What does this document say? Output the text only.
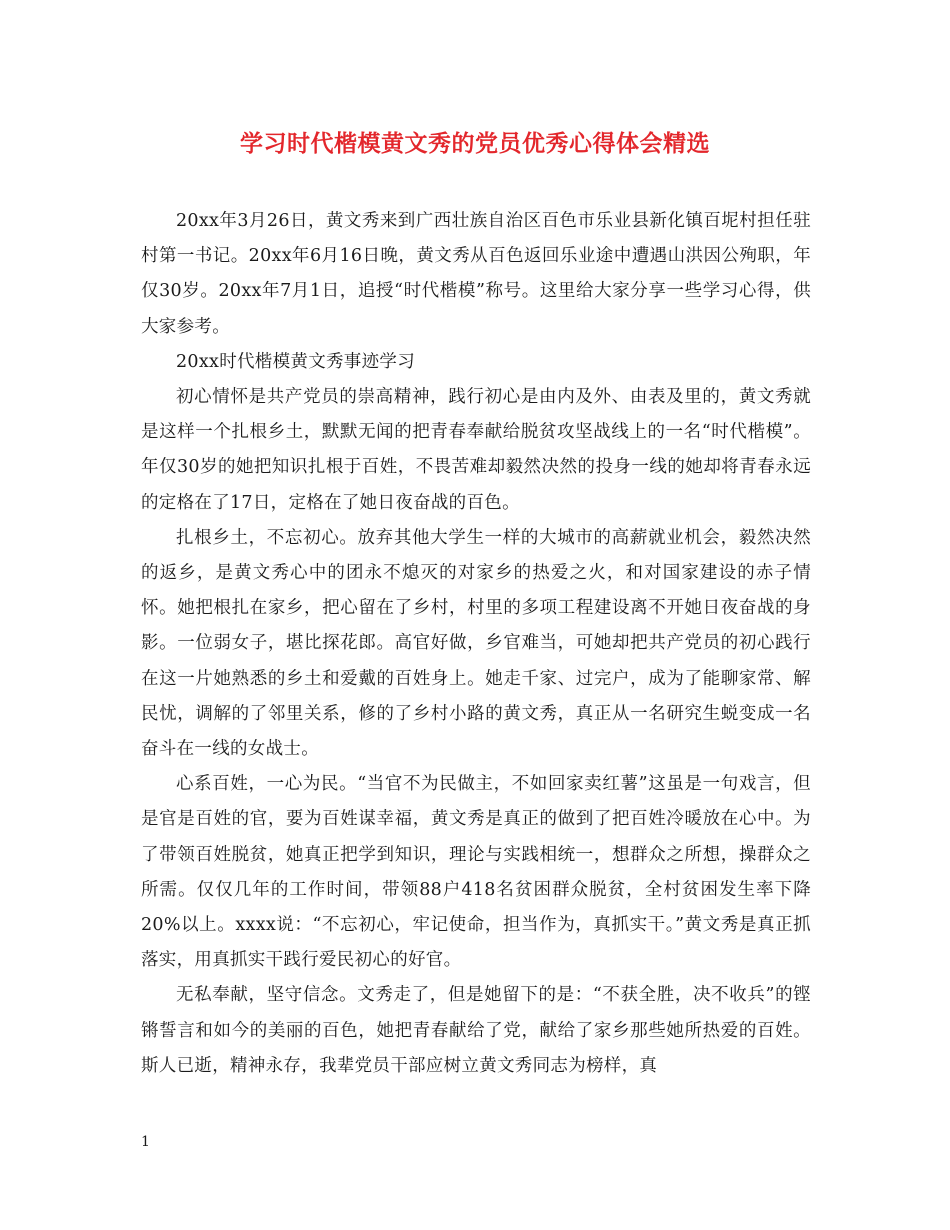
学习时代楷模黄文秀的党员优秀心得体会精选

20xx年3月26日，黄文秀来到广西壮族自治区百色市乐业县新化镇百坭村担任驻村第一书记。20xx年6月16日晚，黄文秀从百色返回乐业途中遭遇山洪因公殉职，年仅30岁。20xx年7月1日，追授“时代楷模”称号。这里给大家分享一些学习心得，供大家参考。

20xx时代楷模黄文秀事迹学习

初心情怀是共产党员的崇高精神，践行初心是由内及外、由表及里的，黄文秀就是这样一个扎根乡土，默默无闻的把青春奉献给脱贫攻坚战线上的一名“时代楷模”。年仅30岁的她把知识扎根于百姓，不畏苦难却毅然决然的投身一线的她却将青春永远的定格在了17日，定格在了她日夜奋战的百色。

扎根乡土，不忘初心。放弃其他大学生一样的大城市的高薪就业机会，毅然决然的返乡，是黄文秀心中的团永不熄灭的对家乡的热爱之火，和对国家建设的赤子情怀。她把根扎在家乡，把心留在了乡村，村里的多项工程建设离不开她日夜奋战的身影。一位弱女子，堪比探花郎。高官好做，乡官难当，可她却把共产党员的初心践行在这一片她熟悉的乡土和爱戴的百姓身上。她走千家、过完户，成为了能聊家常、解民忧，调解的了邻里关系，修的了乡村小路的黄文秀，真正从一名研究生蜕变成一名奋斗在一线的女战士。

心系百姓，一心为民。“当官不为民做主，不如回家卖红薯”这虽是一句戏言，但是官是百姓的官，要为百姓谋幸福，黄文秀是真正的做到了把百姓冷暖放在心中。为了带领百姓脱贫，她真正把学到知识，理论与实践相统一，想群众之所想，操群众之所需。仅仅几年的工作时间，带领88户418名贫困群众脱贫，全村贫困发生率下降20%以上。xxxx说：“不忘初心，牢记使命，担当作为，真抓实干。”黄文秀是真正抓落实，用真抓实干践行爱民初心的好官。

无私奉献，坚守信念。文秀走了，但是她留下的是：“不获全胜，决不收兵”的铿锵誓言和如今的美丽的百色，她把青春献给了党，献给了家乡那些她所热爱的百姓。斯人已逝，精神永存，我辈党员干部应树立黄文秀同志为榜样，真

1
